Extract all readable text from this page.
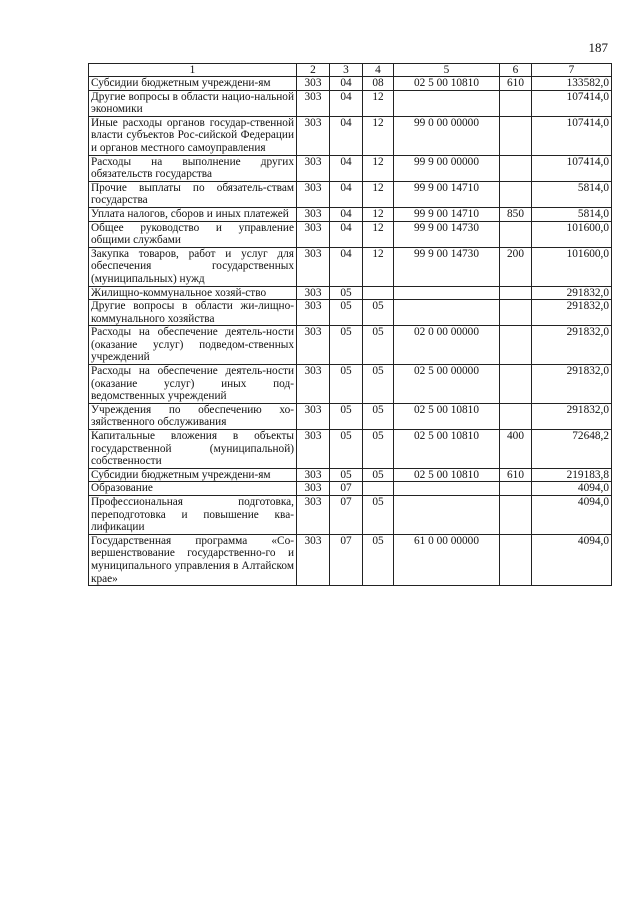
187
1	2	3	4	5	6	7
Субсидии бюджетным учреждени-ям	303	04	08	02 5 00 10810	610	133582,0
Другие вопросы в области нацио-нальной экономики	303	04	12			107414,0
Иные расходы органов государ-ственной власти субъектов Рос-сийской Федерации и органов местного самоуправления	303	04	12	99 0 00 00000		107414,0
Расходы на выполнение других обязательств государства	303	04	12	99 9 00 00000		107414,0
Прочие выплаты по обязатель-ствам государства	303	04	12	99 9 00 14710		5814,0
Уплата налогов, сборов и иных платежей	303	04	12	99 9 00 14710	850	5814,0
Общее руководство и управление общими службами	303	04	12	99 9 00 14730		101600,0
Закупка товаров, работ и услуг для обеспечения государственных (муниципальных) нужд	303	04	12	99 9 00 14730	200	101600,0
Жилищно-коммунальное хозяй-ство	303	05				291832,0
Другие вопросы в области жи-лищно-коммунального хозяйства	303	05	05			291832,0
Расходы на обеспечение деятель-ности (оказание услуг) подведом-ственных учреждений	303	05	05	02 0 00 00000		291832,0
Расходы на обеспечение деятель-ности (оказание услуг) иных под-ведомственных учреждений	303	05	05	02 5 00 00000		291832,0
Учреждения по обеспечению хо-зяйственного обслуживания	303	05	05	02 5 00 10810		291832,0
Капитальные вложения в объекты государственной (муниципальной) собственности	303	05	05	02 5 00 10810	400	72648,2
Субсидии бюджетным учреждени-ям	303	05	05	02 5 00 10810	610	219183,8
Образование	303	07				4094,0
Профессиональная подготовка, переподготовка и повышение ква-лификации	303	07	05			4094,0
Государственная программа «Со-вершенствование государственно-го и муниципального управления в Алтайском крае»	303	07	05	61 0 00 00000		4094,0
